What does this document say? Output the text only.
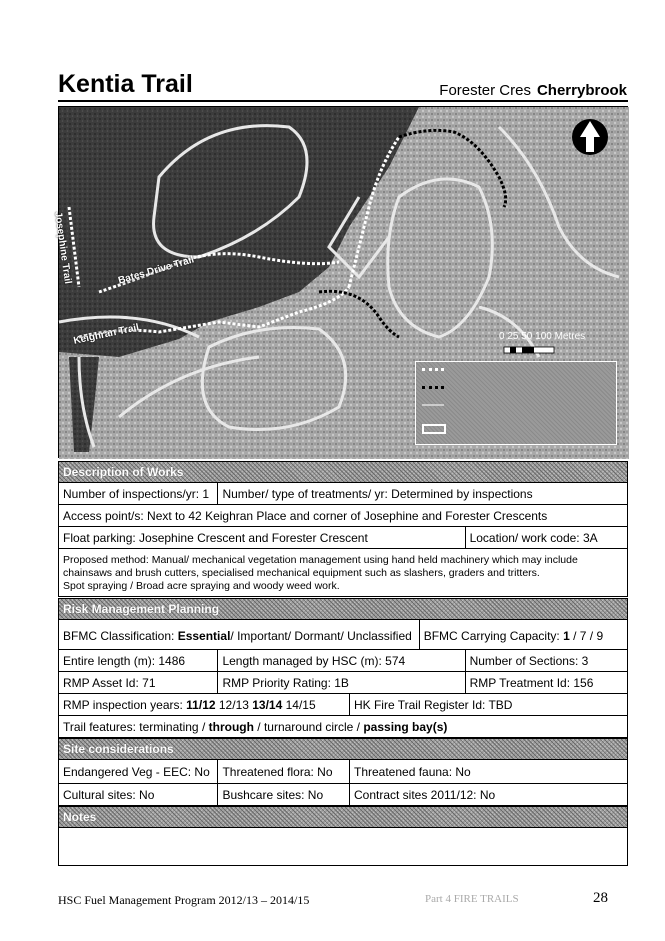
Kentia Trail	Forester Cres Cherrybrook
Josephine Trail	Bates Drive Trail
Keighran Trail	0 25 50 100 Metres
Description of Works
Number of inspections/yr: 1	Number/ type of treatments/ yr: Determined by inspections
Access point/s: Next to 42 Keighran Place and corner of Josephine and Forester Crescents
Float parking: Josephine Crescent and Forester Crescent	Location/ work code: 3A
Proposed method: Manual/ mechanical vegetation management using hand held machinery which may include
chainsaws and brush cutters, specialised mechanical equipment such as slashers, graders and tritters.
Spot spraying / Broad acre spraying and woody weed work.
Risk Management Planning
BFMC Classification: Essential/ Important/ Dormant/ Unclassified BFMC Carrying Capacity: 1 / 7 / 9
Entire length (m): 1486	Length managed by HSC (m): 574	Number of Sections: 3
RMP Asset Id: 71	RMP Priority Rating: 1B	RMP Treatment Id: 156
RMP inspection years: 11/12 12/13 13/14 14/15	HK Fire Trail Register Id: TBD
Trail features: terminating / through / turnaround circle / passing bay(s)
Site considerations
Endangered Veg - EEC: No	Threatened flora: No	Threatened fauna: No
Cultural sites: No	Bushcare sites: No	Contract sites 2011/12: No
Notes
HSC Fuel Management Program 2012/13 – 2014/15	Part 4 FIRE TRAILS	28
